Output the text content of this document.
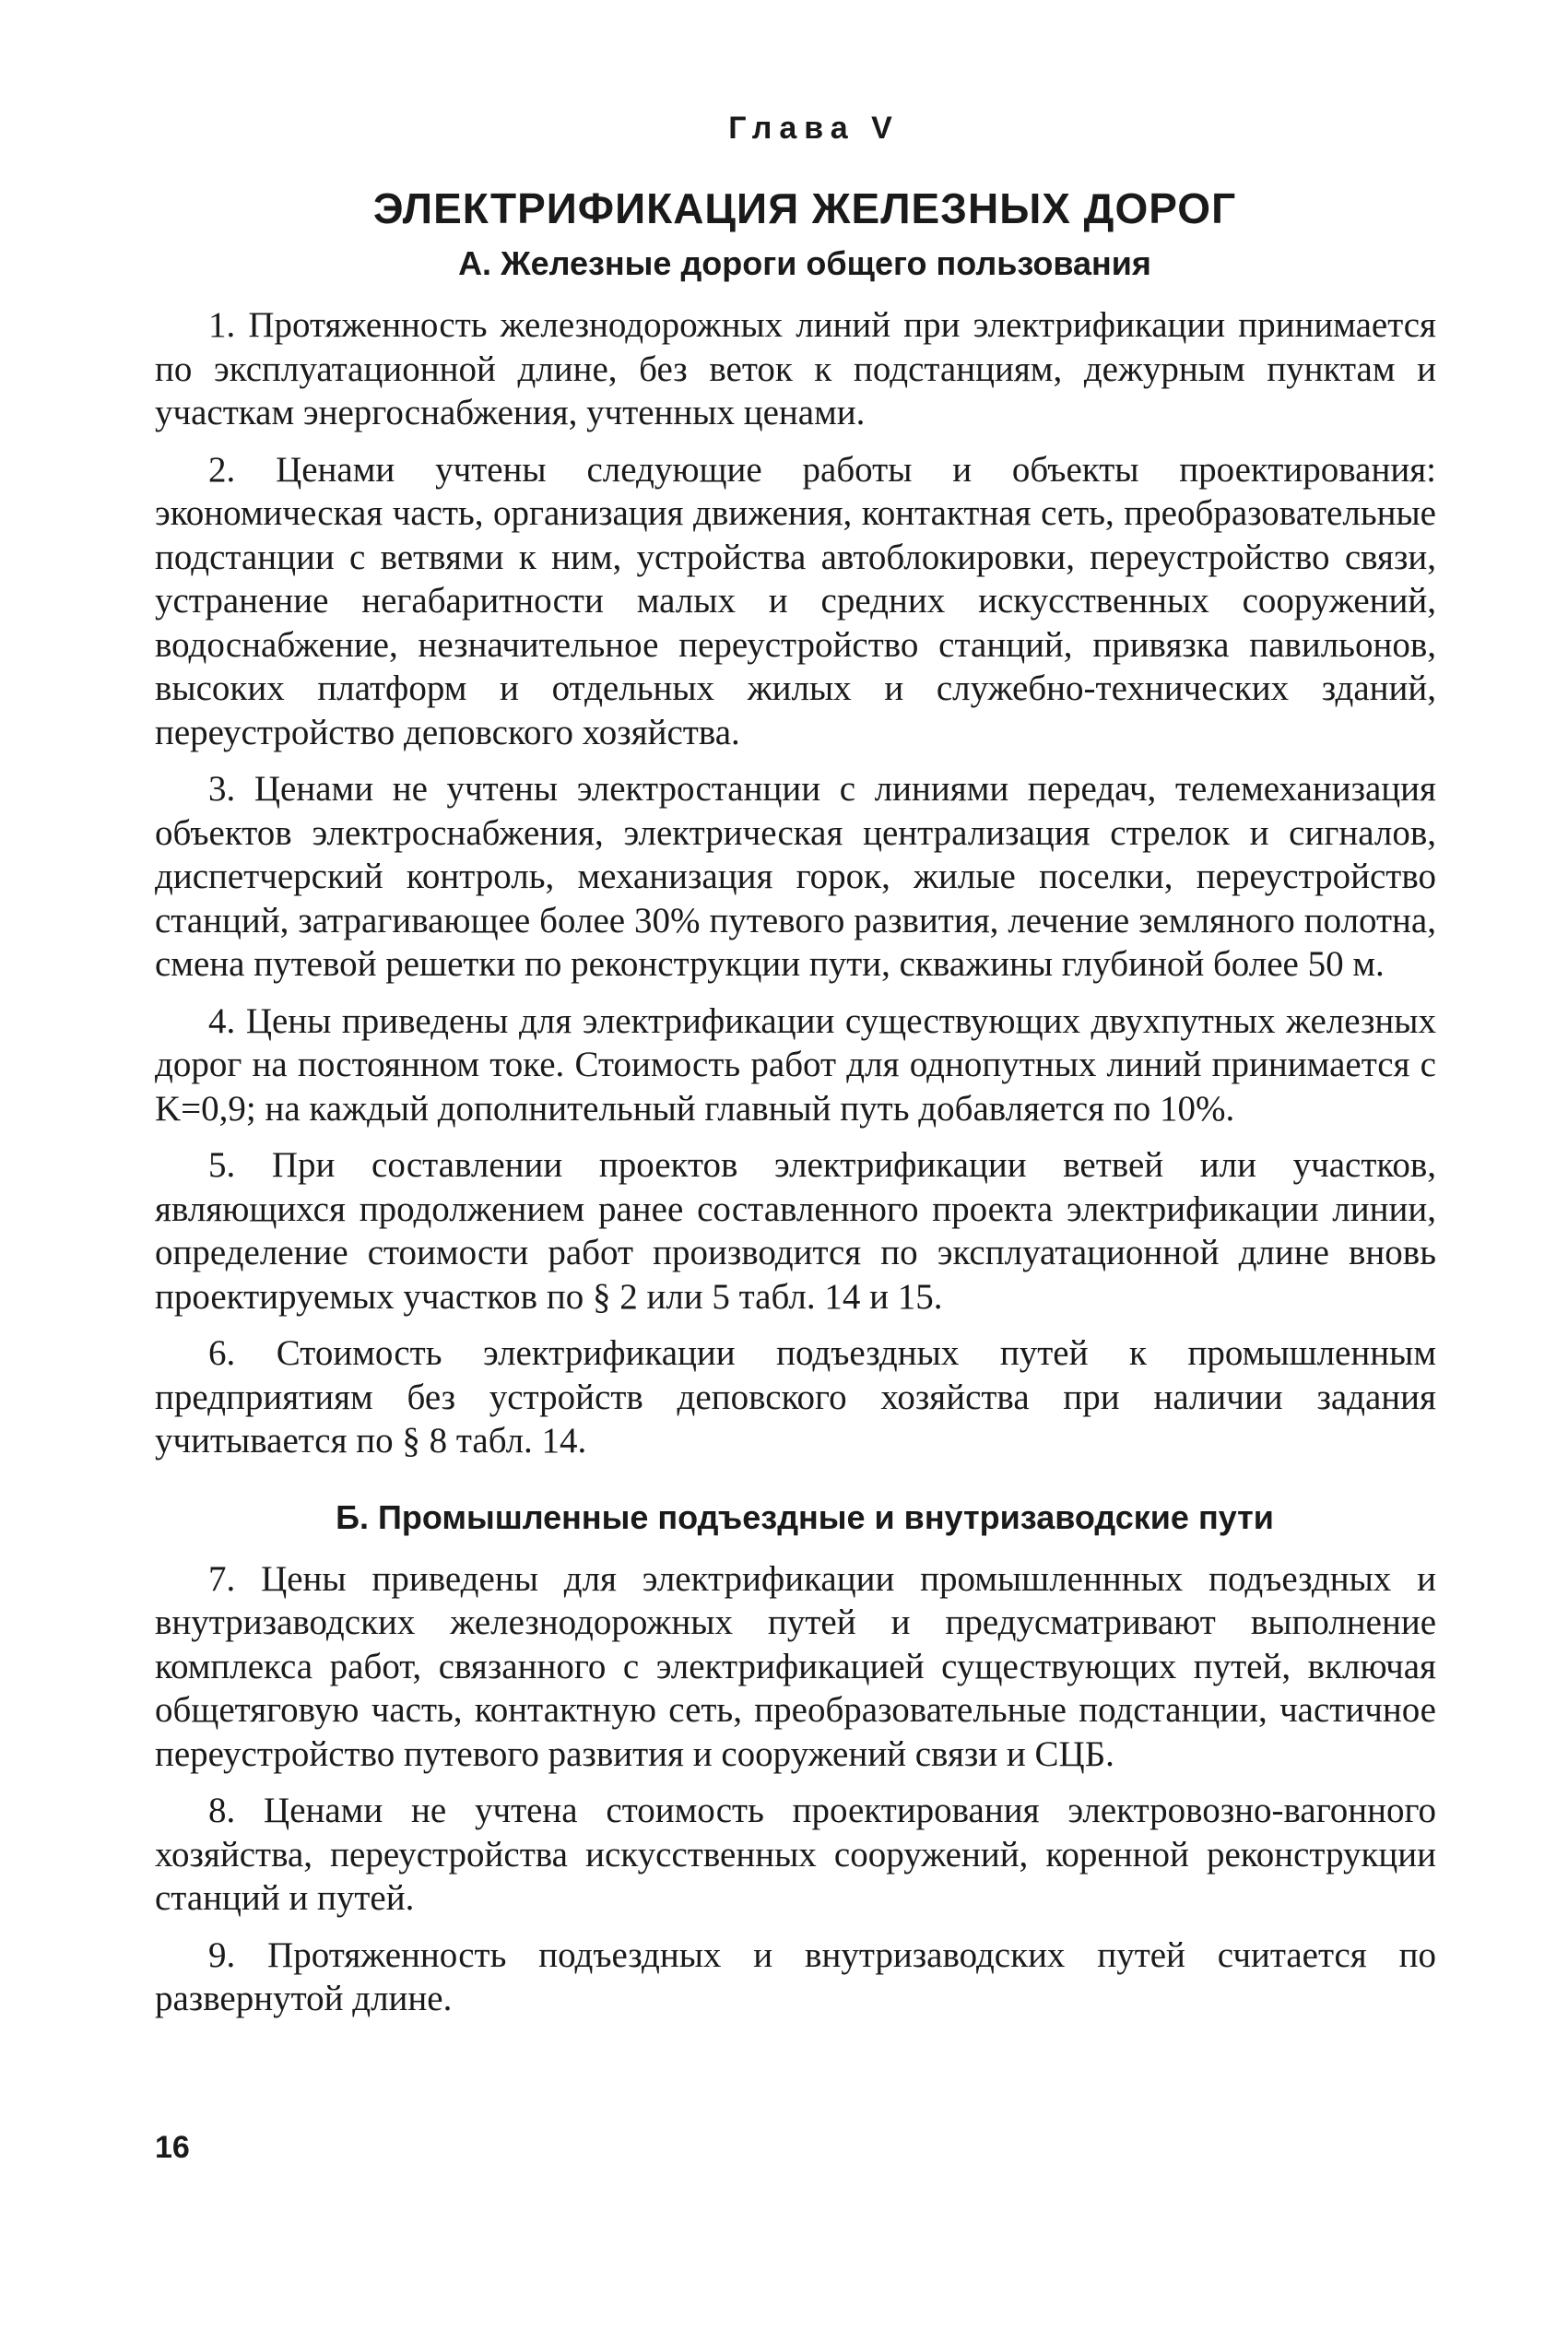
Глава V
ЭЛЕКТРИФИКАЦИЯ ЖЕЛЕЗНЫХ ДОРОГ
А. Железные дороги общего пользования

1. Протяженность железнодорожных линий при электрификации принимается по эксплуатационной длине, без веток к подстанциям, дежурным пунктам и участкам энергоснабжения, учтенных ценами.

2. Ценами учтены следующие работы и объекты проектирования: экономическая часть, организация движения, контактная сеть, преобразовательные подстанции с ветвями к ним, устройства автоблокировки, переустройство связи, устранение негабаритности малых и средних искусственных сооружений, водоснабжение, незначительное переустройство станций, привязка павильонов, высоких платформ и отдельных жилых и служебно-технических зданий, переустройство деповского хозяйства.

3. Ценами не учтены электростанции с линиями передач, телемеханизация объектов электроснабжения, электрическая централизация стрелок и сигналов, диспетчерский контроль, механизация горок, жилые поселки, переустройство станций, затрагивающее более 30% путевого развития, лечение земляного полотна, смена путевой решетки по реконструкции пути, скважины глубиной более 50 м.

4. Цены приведены для электрификации существующих двухпутных железных дорог на постоянном токе. Стоимость работ для однопутных линий принимается с K=0,9; на каждый дополнительный главный путь добавляется по 10%.

5. При составлении проектов электрификации ветвей или участков, являющихся продолжением ранее составленного проекта электрификации линии, определение стоимости работ производится по эксплуатационной длине вновь проектируемых участков по § 2 или 5 табл. 14 и 15.

6. Стоимость электрификации подъездных путей к промышленным предприятиям без устройств деповского хозяйства при наличии задания учитывается по § 8 табл. 14.

Б. Промышленные подъездные и внутризаводские пути

7. Цены приведены для электрификации промышленнных подъездных и внутризаводских железнодорожных путей и предусматривают выполнение комплекса работ, связанного с электрификацией существующих путей, включая общетяговую часть, контактную сеть, преобразовательные подстанции, частичное переустройство путевого развития и сооружений связи и СЦБ.

8. Ценами не учтена стоимость проектирования электровозно-вагонного хозяйства, переустройства искусственных сооружений, коренной реконструкции станций и путей.

9. Протяженность подъездных и внутризаводских путей считается по развернутой длине.

16
